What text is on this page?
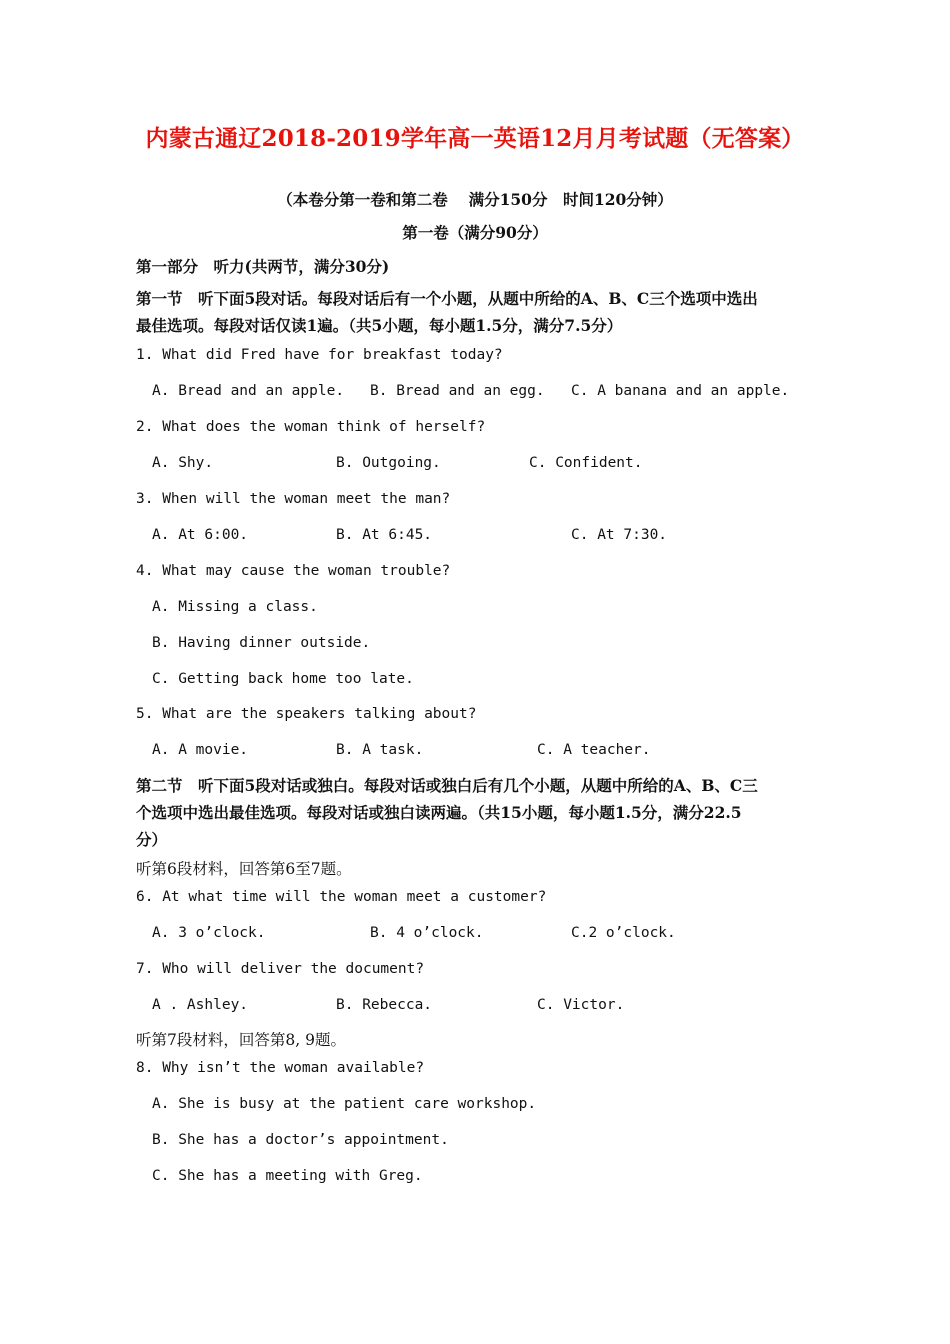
内蒙古通辽2018-2019学年高一英语12月月考试题（无答案）
（本卷分第一卷和第二卷　 满分150分　时间120分钟）
第一卷（满分90分）
第一部分　听力(共两节，满分30分)
第一节　听下面5段对话。每段对话后有一个小题，从题中所给的A、B、C三个选项中选出
最佳选项。每段对话仅读1遍。（共5小题，每小题1.5分，满分7.5分）
1. What did Fred have for breakfast today?
A. Bread and an apple. B. Bread and an egg. C. A banana and an apple.
2. What does the woman think of herself?
A. Shy.	B. Outgoing.	C. Confident.
3. When will the woman meet the man?
A. At 6:00.	B. At 6:45.	C. At 7:30.
4. What may cause the woman trouble?
A. Missing a class.
B. Having dinner outside.
C. Getting back home too late.
5. What are the speakers talking about?
A. A movie.	B. A task.	C. A teacher.
第二节　听下面5段对话或独白。每段对话或独白后有几个小题，从题中所给的A、B、C三
个选项中选出最佳选项。每段对话或独白读两遍。（共15小题，每小题1.5分，满分22.5
分）
听第6段材料，回答第6至7题。
6. At what time will the woman meet a customer?
A. 3 o’clock.	B. 4 o’clock.	C.2 o’clock.
7. Who will deliver the document?
A . Ashley.	B. Rebecca.	C. Victor.
听第7段材料，回答第8, 9题。
8. Why isn’t the woman available?
A. She is busy at the patient care workshop.
B. She has a doctor’s appointment.
C. She has a meeting with Greg.
